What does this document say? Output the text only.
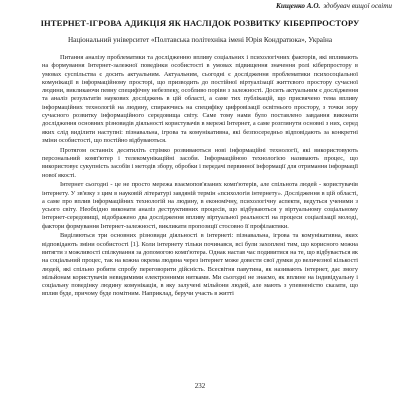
Кищенко А.О. здобувач вищої освіти
ІНТЕРНЕТ-ІГРОВА АДИКЦІЯ ЯК НАСЛІДОК РОЗВИТКУ КІБЕРПРОСТОРУ
Національний університет «Полтавська політехніка імені Юрія Кондратюка», Україна

Питання аналізу проблематики та дослідженню впливу соціальних і психологічних факторів, які впливають на формування Інтернет-залежної поведінки особистості в умовах підвищення значення ролі кіберпростору в умовах суспільства є досить актуальним. Актуальним, сьогодні є дослідження проблематики психосоціальної комунікації в інформаційному просторі, що призводить до постійної віртуалізації життєвого простору сучасної людини, викликаючи певну специфічну небезпеку, особливо порівн з залежності. Досить актуальним є дослідження та аналіз результатів наукових досліджень в цій області, а саме тих публікацій, що присвячено тема впливу інформаційних технологій на людину, спираючись на специфіку цифровізації освітнього простору, з точки зору сучасного розвитку інформаційного середовища світу. Саме тому нами було поставлено завдання виконати дослідження основних різновидів діяльності користувачів в мережі Інтернет, а саме розглянути основні з них, серед яких слід виділити наступні: пізнавальна, ігрова та комунікативна, які безпосередньо відповідають за конкретні зміни особистості, що постійно відбуваються.

Протягом останніх десятиліть стрімко розвиваються нові інформаційні технології, які використовують персональний комп'ютер і телекомунікаційні засоби. Інформаційною технологією називають процес, що використовує сукупність засобів і методів збору, обробки і передачі первинної інформації для отримання інформації нової якості.

Інтернет сьогодні - це не просто мережа взаємопов'язаних комп'ютерів, але спільнота людей - користувачів інтернету. У зв'язку з цим в науковій літературі завдяній термін «психологія інтернету». Дослідження в цій області, а саме про вплив інформаційних технологій на людину, в економічну, психологічну аспекти, ведуться ученими з усього світу. Необхідно виконати аналіз деструктивних процесів, що відбуваються у віртуальному соціальному інтернет-середовищі, відображено два дослідження впливу віртуальної реальності на процеси соціалізації молоді, фактори формування Інтернет-залежності, викликати пропозиції стосовно її профілактики.

Виділяються три основних різновиди діяльності в інтернеті: пізнавальна, ігрова та комунікативна, яких відповідають зміни особистості [1]. Коли інтернету тільки починався, всі були захоплені тим, що корисного можна витягти з можливості спілкування за допомогою комп'ютера. Однак настав час подивитися на те, що відбувається як на соціальний процес, так на кожна окрема людина через інтернет може довести свої думки до величезної кількості людей, які спільно робити спробу переговорити дійсність. Всесвітня павутина, як називають інтернет, дає змогу мільйонам користувачів невидимими електронними нитками. Ми сьогодні не знаємо, як вплине на індивідуальну і соціальну поведінку людину комунікація, в яку залучені мільйони людей, але мають з упевненістю сказати, що вплив буде, причому буде помітним. Наприклад, беручи участь в житті

232
